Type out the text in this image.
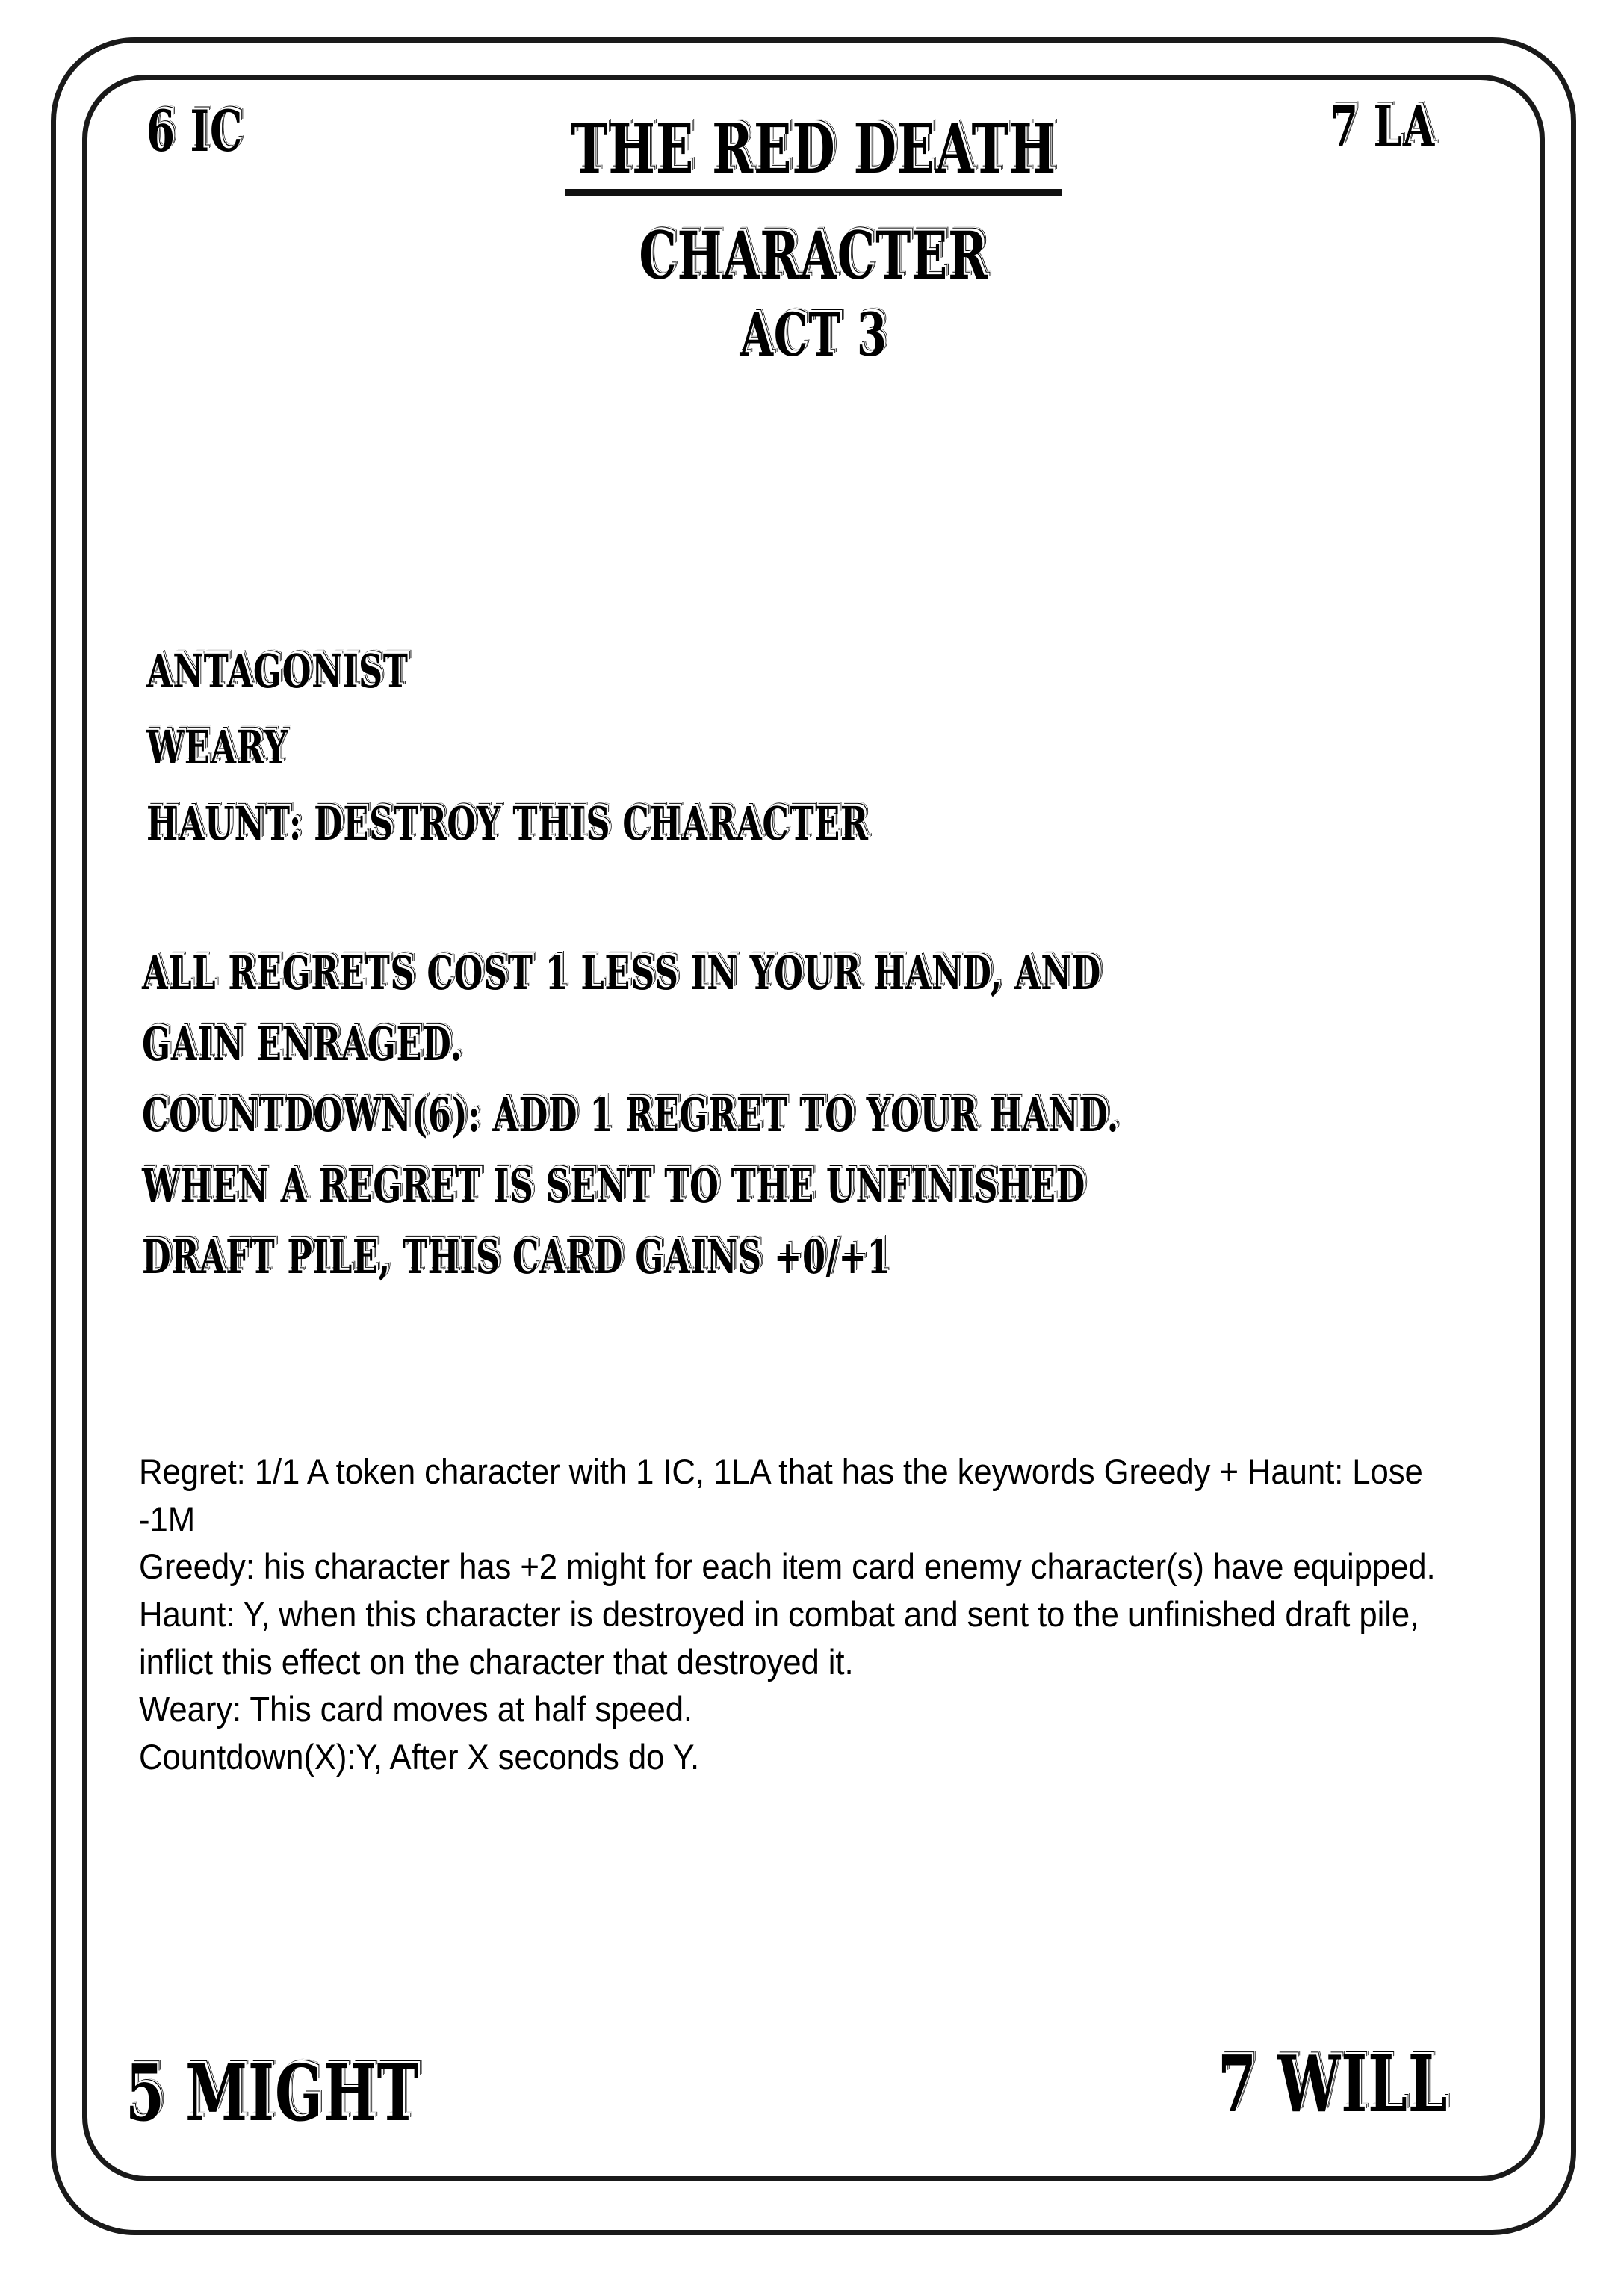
6 IC	7 LA
THE RED DEATH
CHARACTER
ACT 3
ANTAGONIST
WEARY
HAUNT: DESTROY THIS CHARACTER
ALL REGRETS COST 1 LESS IN YOUR HAND, AND
GAIN ENRAGED.
COUNTDOWN(6): ADD 1 REGRET TO YOUR HAND.
WHEN A REGRET IS SENT TO THE UNFINISHED
DRAFT PILE, THIS CARD GAINS +0/+1

Regret: 1/1 A token character with 1 IC, 1LA that has the keywords Greedy + Haunt: Lose -1M

Greedy: his character has +2 might for each item card enemy character(s) have equipped.

Haunt: Y, when this character is destroyed in combat and sent to the unfinished draft pile, inflict this effect on the character that destroyed it.

Weary: This card moves at half speed.

Countdown(X):Y, After X seconds do Y.

5 MIGHT	7 WILL
